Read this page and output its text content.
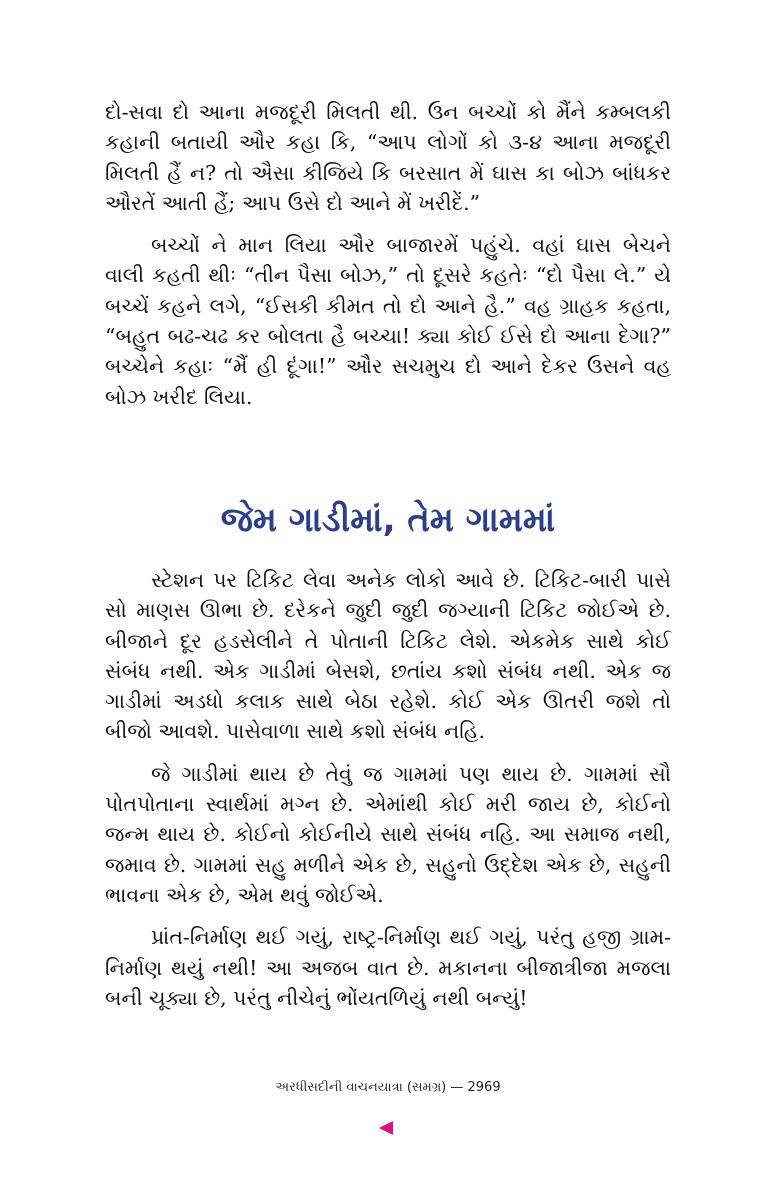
દો-સવા દો આના મજદૂરી મિલતી થી. ઉન બચ્ચોં કો મૈંને કમ્બલકી કહાની બતાયી ઔર કહા કિ, “આપ લોગોં કો ૩-૪ આના મજદૂરી મિલતી હૈં ન? તો ઐસા કીજિયે કિ બરસાત મેં ઘાસ કા બોઝ બાંધકર ઔરતેં આતી હૈં; આપ ઉસે દો આને મેં ખરીદેં.”

બચ્ચોં ને માન લિયા ઔર બાજારમેં પહુંચે. વહાં ઘાસ બેચને વાલી કહતી થીઃ “તીન પૈસા બોઝ,” તો દૂસરે કહતેઃ “દો પૈસા લે.” યે બચ્ચેં કહને લગે, “ઈસકી કીમત તો દો આને હૈ.” વહ ગ્રાહક કહતા, “બહુત બઢ-ચઢ કર બોલતા હૈ બચ્ચા! ક્યા કોઈ ઈસે દો આના દેગા?” બચ્ચેને કહાઃ “મૈં હી દૂંગા!” ઔર સચમુચ દો આને દેકર ઉસને વહ બોઝ ખરીદ લિયા.

જેમ ગાડીમાં, તેમ ગામમાં

સ્ટેશન પર ટિકિટ લેવા અનેક લોકો આવે છે. ટિકિટ-બારી પાસે સો માણસ ઊભા છે. દરેકને જુદી જુદી જગ્યાની ટિકિટ જોઈએ છે. બીજાને દૂર હડસેલીને તે પોતાની ટિકિટ લેશે. એકમેક સાથે કોઈ સંબંધ નથી. એક ગાડીમાં બેસશે, છતાંય કશો સંબંધ નથી. એક જ ગાડીમાં અડધો કલાક સાથે બેઠા રહેશે. કોઈ એક ઊતરી જશે તો બીજો આવશે. પાસેવાળા સાથે કશો સંબંધ નહિ.

જે ગાડીમાં થાય છે તેવું જ ગામમાં પણ થાય છે. ગામમાં સૌ પોતપોતાના સ્વાર્થમાં મગ્ન છે. એમાંથી કોઈ મરી જાય છે, કોઈનો જન્મ થાય છે. કોઈનો કોઈનીયે સાથે સંબંધ નહિ. આ સમાજ નથી, જમાવ છે. ગામમાં સહુ મળીને એક છે, સહુનો ઉદ્દેશ એક છે, સહુની ભાવના એક છે, એમ થવું જોઈએ.

પ્રાંત-નિર્માણ થઈ ગયું, રાષ્ટ્ર-નિર્માણ થઈ ગયું, પરંતુ હજી ગ્રામ-નિર્માણ થયું નથી! આ અજબ વાત છે. મકાનના બીજાત્રીજા મજલા બની ચૂક્યા છે, પરંતુ નીચેનું ભોંયતળિયું નથી બન્યું!

અરધીસદીની વાચનયાત્રા (સમગ્ર) — 2969
